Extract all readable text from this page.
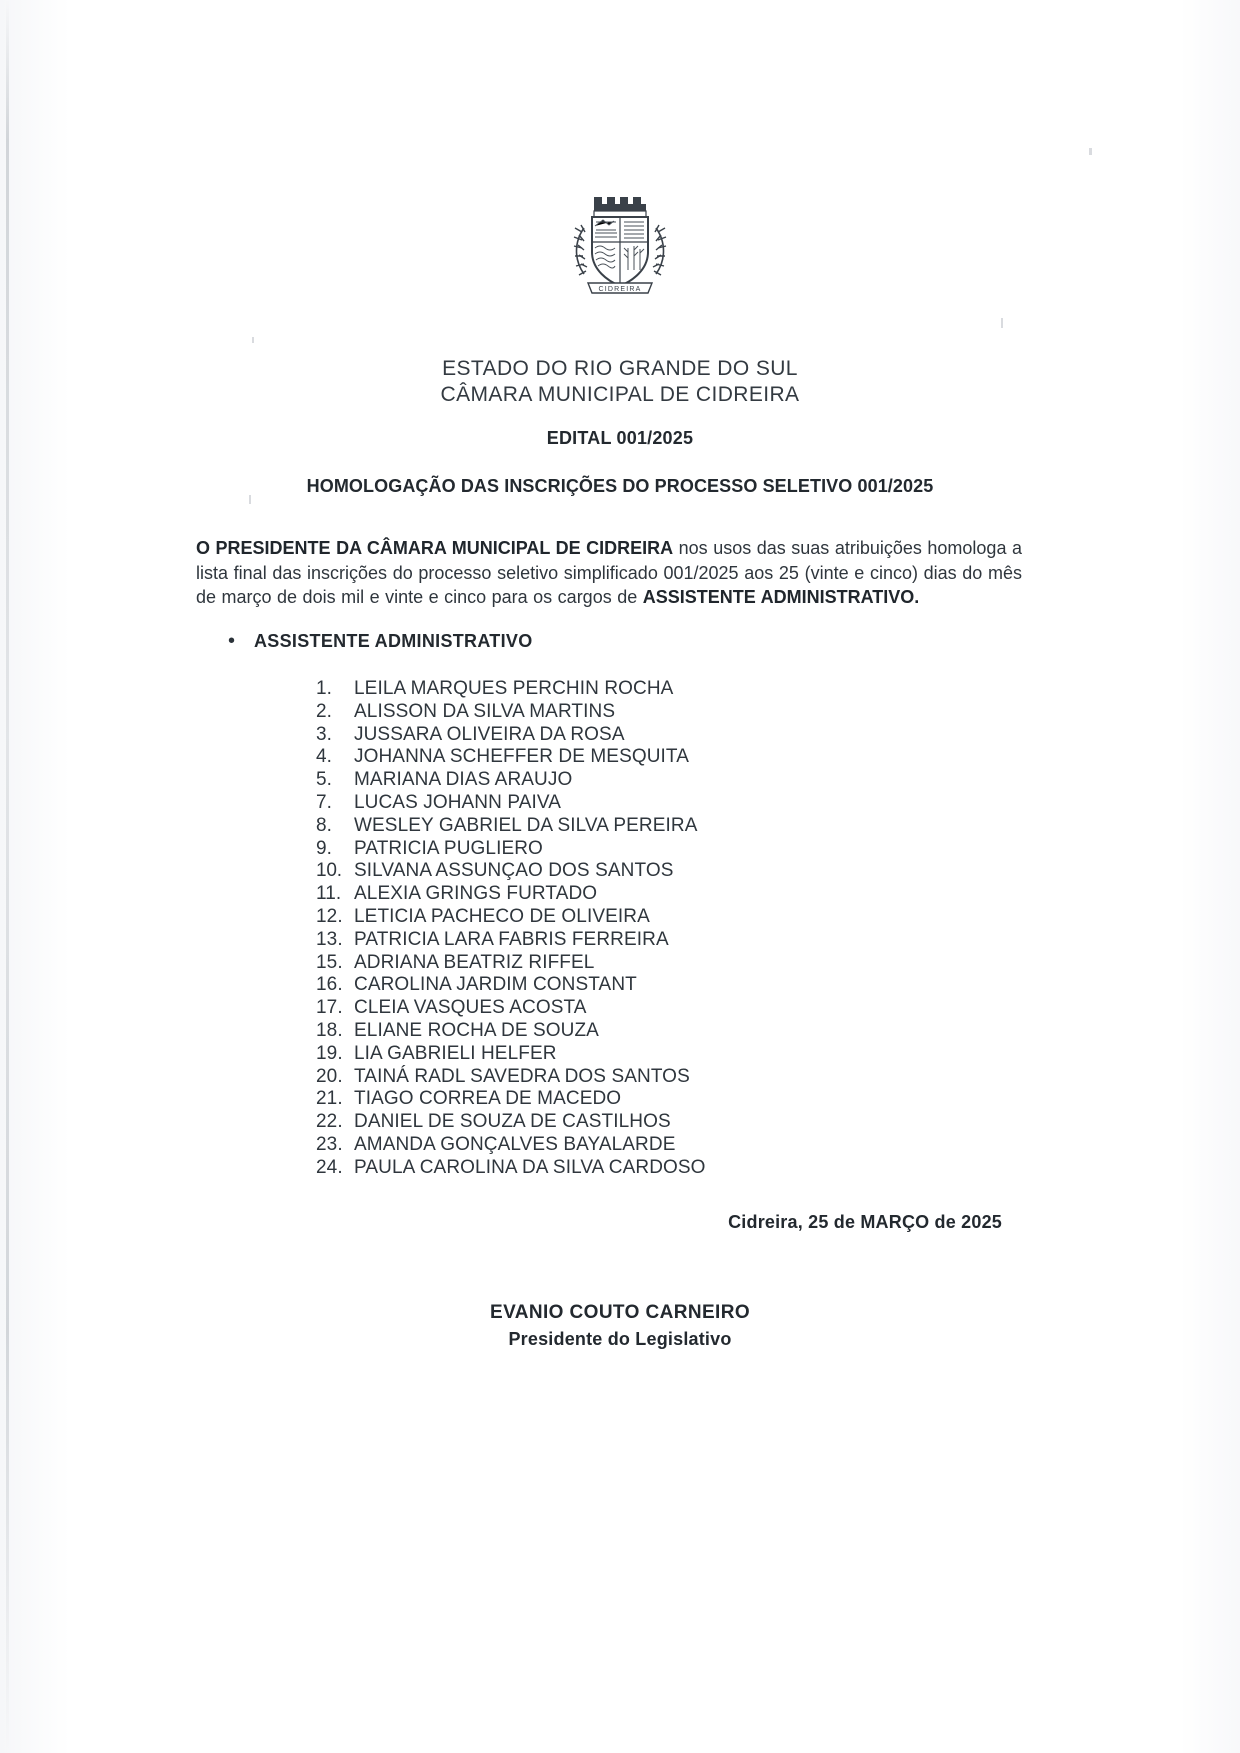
CIDREIRA
ESTADO DO RIO GRANDE DO SUL
CÂMARA MUNICIPAL DE CIDREIRA
EDITAL 001/2025
HOMOLOGAÇÃO DAS INSCRIÇÕES DO PROCESSO SELETIVO 001/2025

O PRESIDENTE DA CÂMARA MUNICIPAL DE CIDREIRA nos usos das suas atribuições homologa a lista final das inscrições do processo seletivo simplificado 001/2025 aos 25 (vinte e cinco) dias do mês de março de dois mil e vinte e cinco para os cargos de ASSISTENTE ADMINISTRATIVO.

•	ASSISTENTE ADMINISTRATIVO
1.	LEILA MARQUES PERCHIN ROCHA
2.	ALISSON DA SILVA MARTINS
3.	JUSSARA OLIVEIRA DA ROSA
4.	JOHANNA SCHEFFER DE MESQUITA
5.	MARIANA DIAS ARAUJO
7.	LUCAS JOHANN PAIVA
8.	WESLEY GABRIEL DA SILVA PEREIRA
9.	PATRICIA PUGLIERO
10. SILVANA ASSUNÇAO DOS SANTOS
11. ALEXIA GRINGS FURTADO
12. LETICIA PACHECO DE OLIVEIRA
13. PATRICIA LARA FABRIS FERREIRA
15. ADRIANA BEATRIZ RIFFEL
16. CAROLINA JARDIM CONSTANT
17. CLEIA VASQUES ACOSTA
18. ELIANE ROCHA DE SOUZA
19. LIA GABRIELI HELFER
20. TAINÁ RADL SAVEDRA DOS SANTOS
21. TIAGO CORREA DE MACEDO
22. DANIEL DE SOUZA DE CASTILHOS
23. AMANDA GONÇALVES BAYALARDE
24. PAULA CAROLINA DA SILVA CARDOSO
Cidreira, 25 de MARÇO de 2025
EVANIO COUTO CARNEIRO
Presidente do Legislativo
